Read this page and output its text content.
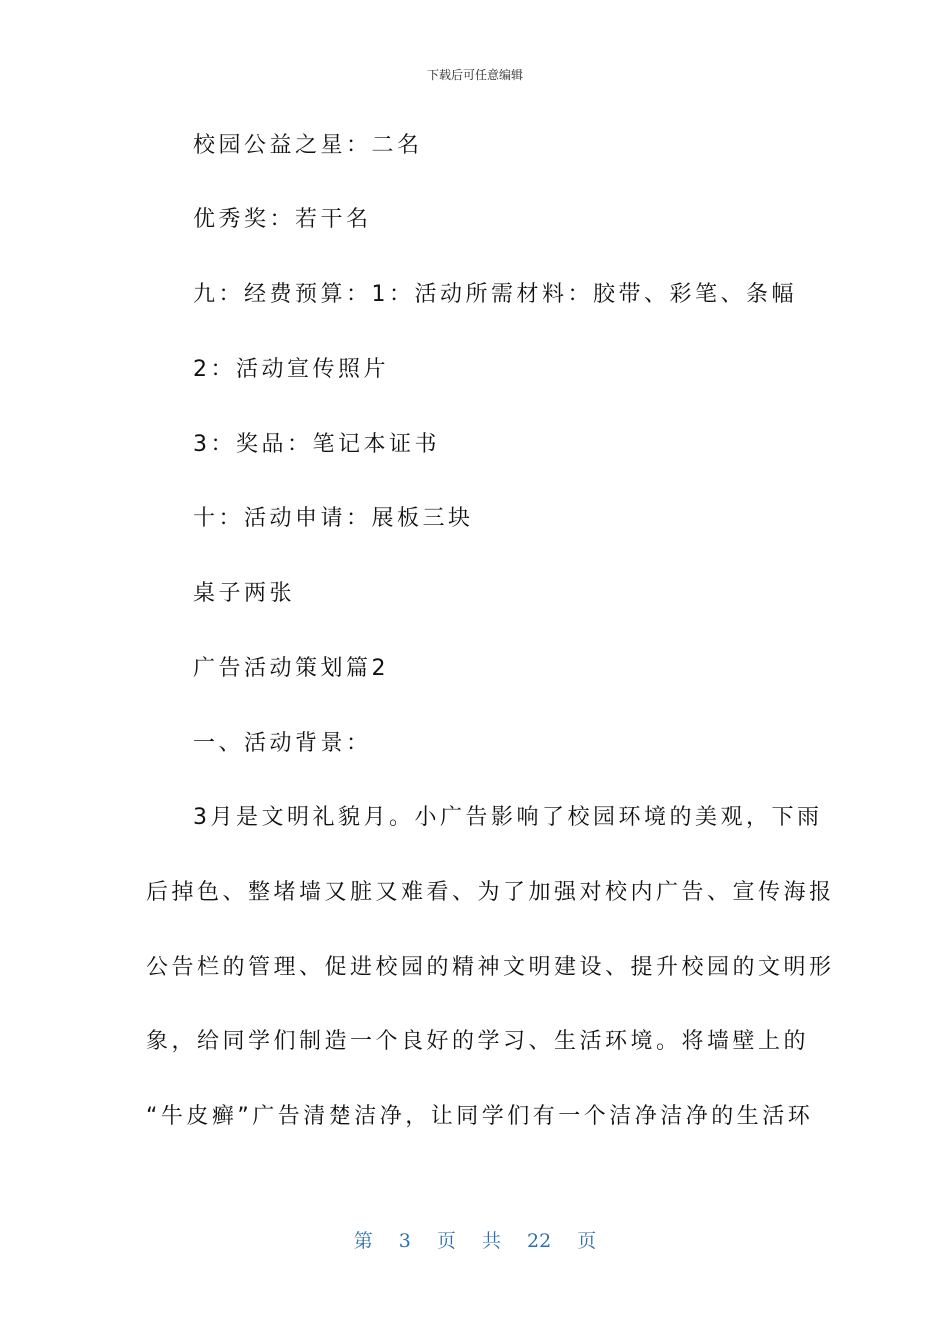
下载后可任意编辑
校园公益之星：二名
优秀奖：若干名
九：经费预算：1：活动所需材料：胶带、彩笔、条幅
2：活动宣传照片
3：奖品：笔记本证书
十：活动申请：展板三块
桌子两张
广告活动策划篇2
一、活动背景：
3月是文明礼貌月。小广告影响了校园环境的美观，下雨
后掉色、整堵墙又脏又难看、为了加强对校内广告、宣传海报
公告栏的管理、促进校园的精神文明建设、提升校园的文明形
象，给同学们制造一个良好的学习、生活环境。将墙壁上的
“牛皮癣”广告清楚洁净，让同学们有一个洁净洁净的生活环
第 3 页 共 22 页
